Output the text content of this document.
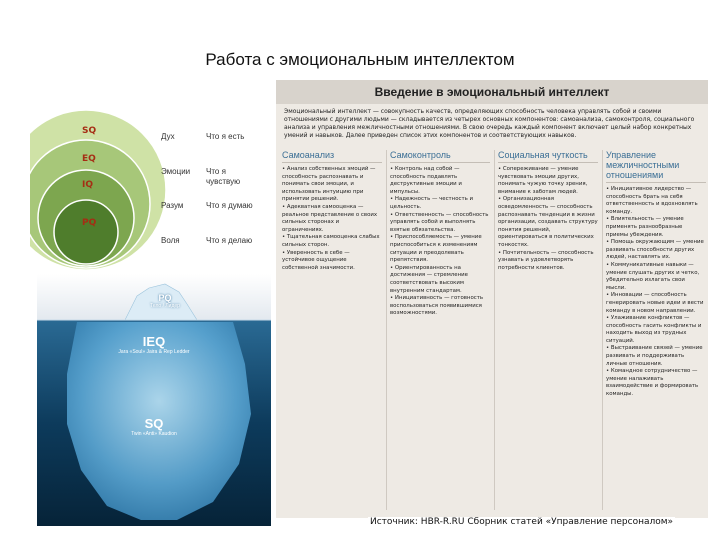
Работа с эмоциональным интеллектом
SQ
EQ
IQ
PQ
Дух	Что я есть
Эмоции Что я чувствую
Разум	Что я думаю
Воля	Что я делаю
PQ
Тело / Лидер
IEQ
Jara «Soul» Jaira & Rep Ledder
SQ
Twin «Anti» Kaudion
Введение в эмоциональный интеллект
Эмоциональный интеллект — совокупность качеств, определяющих способность человека управлять собой и своими отношениями с другими людьми — складывается из четырех основных компонентов: самоанализа, самоконтроля, социального анализа и управления межличностными отношениями. В свою очередь каждый компонент включает целый набор конкретных умений и навыков. Далее приведен список этих компонентов и соответствующих навыков.
Самоанализ
• Анализ собственных эмоций — способность распознавать и понимать свои эмоции, и использовать интуицию при принятии решений.
• Адекватная самооценка — реальное представление о своих сильных сторонах и ограничениях.
• Тщательная самооценка слабых сильных сторон.
• Уверенность в себе — устойчивое ощущение собственной значимости.
Самоконтроль
• Контроль над собой — способность подавлять деструктивные эмоции и импульсы.
• Надежность — честность и цельность.
• Ответственность — способность управлять собой и выполнять взятые обязательства.
• Приспособляемость — умение приспособиться к изменениям ситуации и преодолевать препятствия.
• Ориентированность на достижения — стремление соответствовать высоким внутренним стандартам.
• Инициативность — готовность воспользоваться появившимися возможностями.
Социальная чуткость
• Сопереживание — умение чувствовать эмоции других, понимать чужую точку зрения, внимание к заботам людей.
• Организационная осведомленность — способность распознавать тенденции в жизни организации, создавать структуру понятия решений, ориентироваться в политических тонкостях.
• Почтительность — способность узнавать и удовлетворять потребности клиентов.
Управление межличностными отношениями
• Инициативное лидерство — способность брать на себя ответственность и вдохновлять команду.
• Влиятельность — умение применять разнообразные приемы убеждения.
• Помощь окружающим — умение развивать способности других людей, наставлять их.
• Коммуникативные навыки — умение слушать других и четко, убедительно излагать свои мысли.
• Инновации — способность генерировать новые идеи и вести команду в новом направлении.
• Улаживание конфликтов — способность гасить конфликты и находить выход из трудных ситуаций.
• Выстраивание связей — умение развивать и поддерживать личные отношения.
• Командное сотрудничество — умение налаживать взаимодействие и формировать команды.
Источник: HBR-R.RU Сборник статей «Управление персоналом»
